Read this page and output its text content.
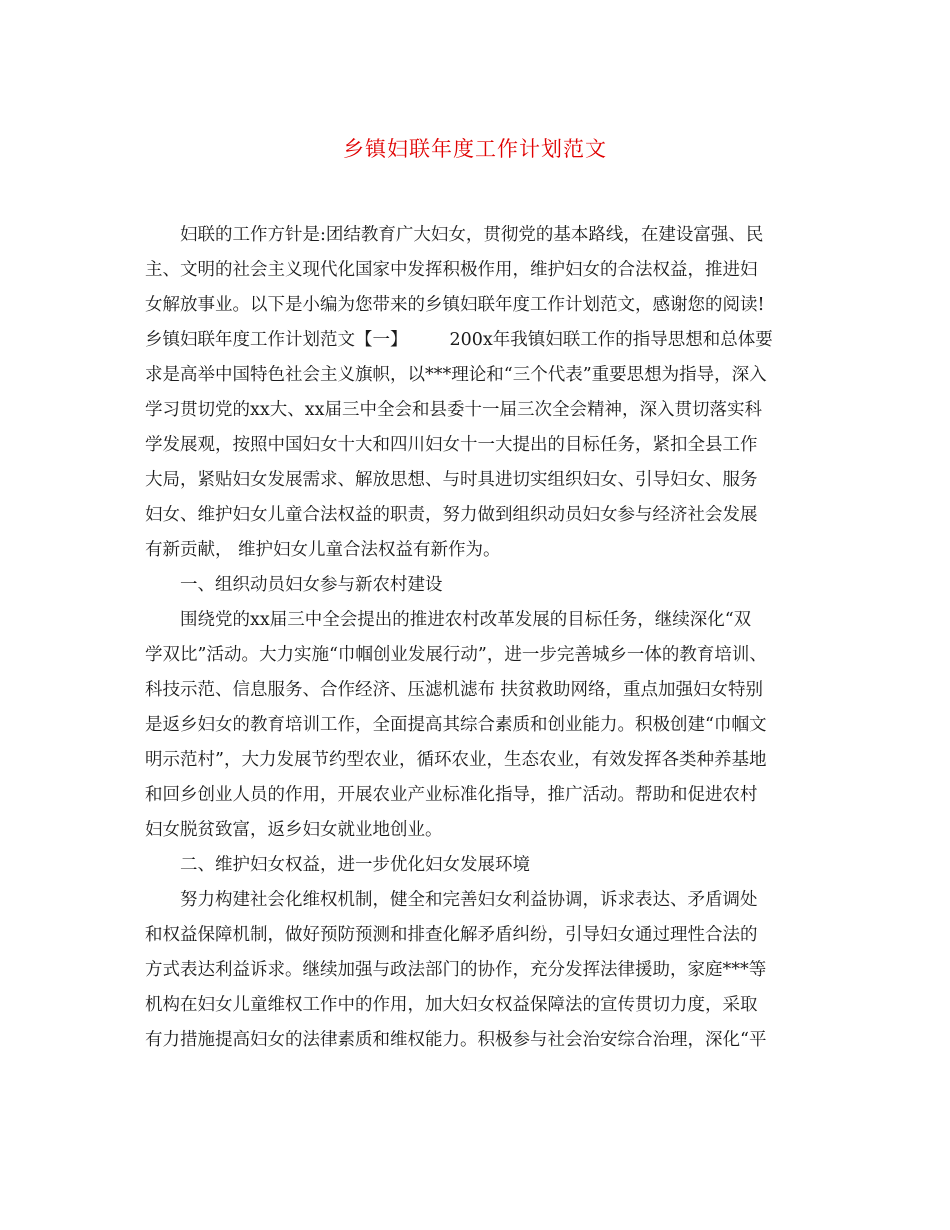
乡镇妇联年度工作计划范文
妇联的工作方针是:团结教育广大妇女，贯彻党的基本路线，在建设富强、民
主、文明的社会主义现代化国家中发挥积极作用，维护妇女的合法权益，推进妇
女解放事业。以下是小编为您带来的乡镇妇联年度工作计划范文，感谢您的阅读!
乡镇妇联年度工作计划范文【一】 200x年我镇妇联工作的指导思想和总体要
求是高举中国特色社会主义旗帜，以***理论和“三个代表”重要思想为指导，深入
学习贯切党的xx大、xx届三中全会和县委十一届三次全会精神，深入贯切落实科
学发展观，按照中国妇女十大和四川妇女十一大提出的目标任务，紧扣全县工作
大局，紧贴妇女发展需求、解放思想、与时具进切实组织妇女、引导妇女、服务
妇女、维护妇女儿童合法权益的职责，努力做到组织动员妇女参与经济社会发展
有新贡献， 维护妇女儿童合法权益有新作为。
一、组织动员妇女参与新农村建设
围绕党的xx届三中全会提出的推进农村改革发展的目标任务，继续深化“双
学双比”活动。大力实施“巾帼创业发展行动”，进一步完善城乡一体的教育培训、
科技示范、信息服务、合作经济、压滤机滤布 扶贫救助网络，重点加强妇女特别
是返乡妇女的教育培训工作，全面提高其综合素质和创业能力。积极创建“巾帼文
明示范村”，大力发展节约型农业，循环农业，生态农业，有效发挥各类种养基地
和回乡创业人员的作用，开展农业产业标准化指导，推广活动。帮助和促进农村
妇女脱贫致富，返乡妇女就业地创业。
二、维护妇女权益，进一步优化妇女发展环境
努力构建社会化维权机制，健全和完善妇女利益协调，诉求表达、矛盾调处
和权益保障机制，做好预防预测和排查化解矛盾纠纷，引导妇女通过理性合法的
方式表达利益诉求。继续加强与政法部门的协作，充分发挥法律援助，家庭***等
机构在妇女儿童维权工作中的作用，加大妇女权益保障法的宣传贯切力度，采取
有力措施提高妇女的法律素质和维权能力。积极参与社会治安综合治理，深化“平
